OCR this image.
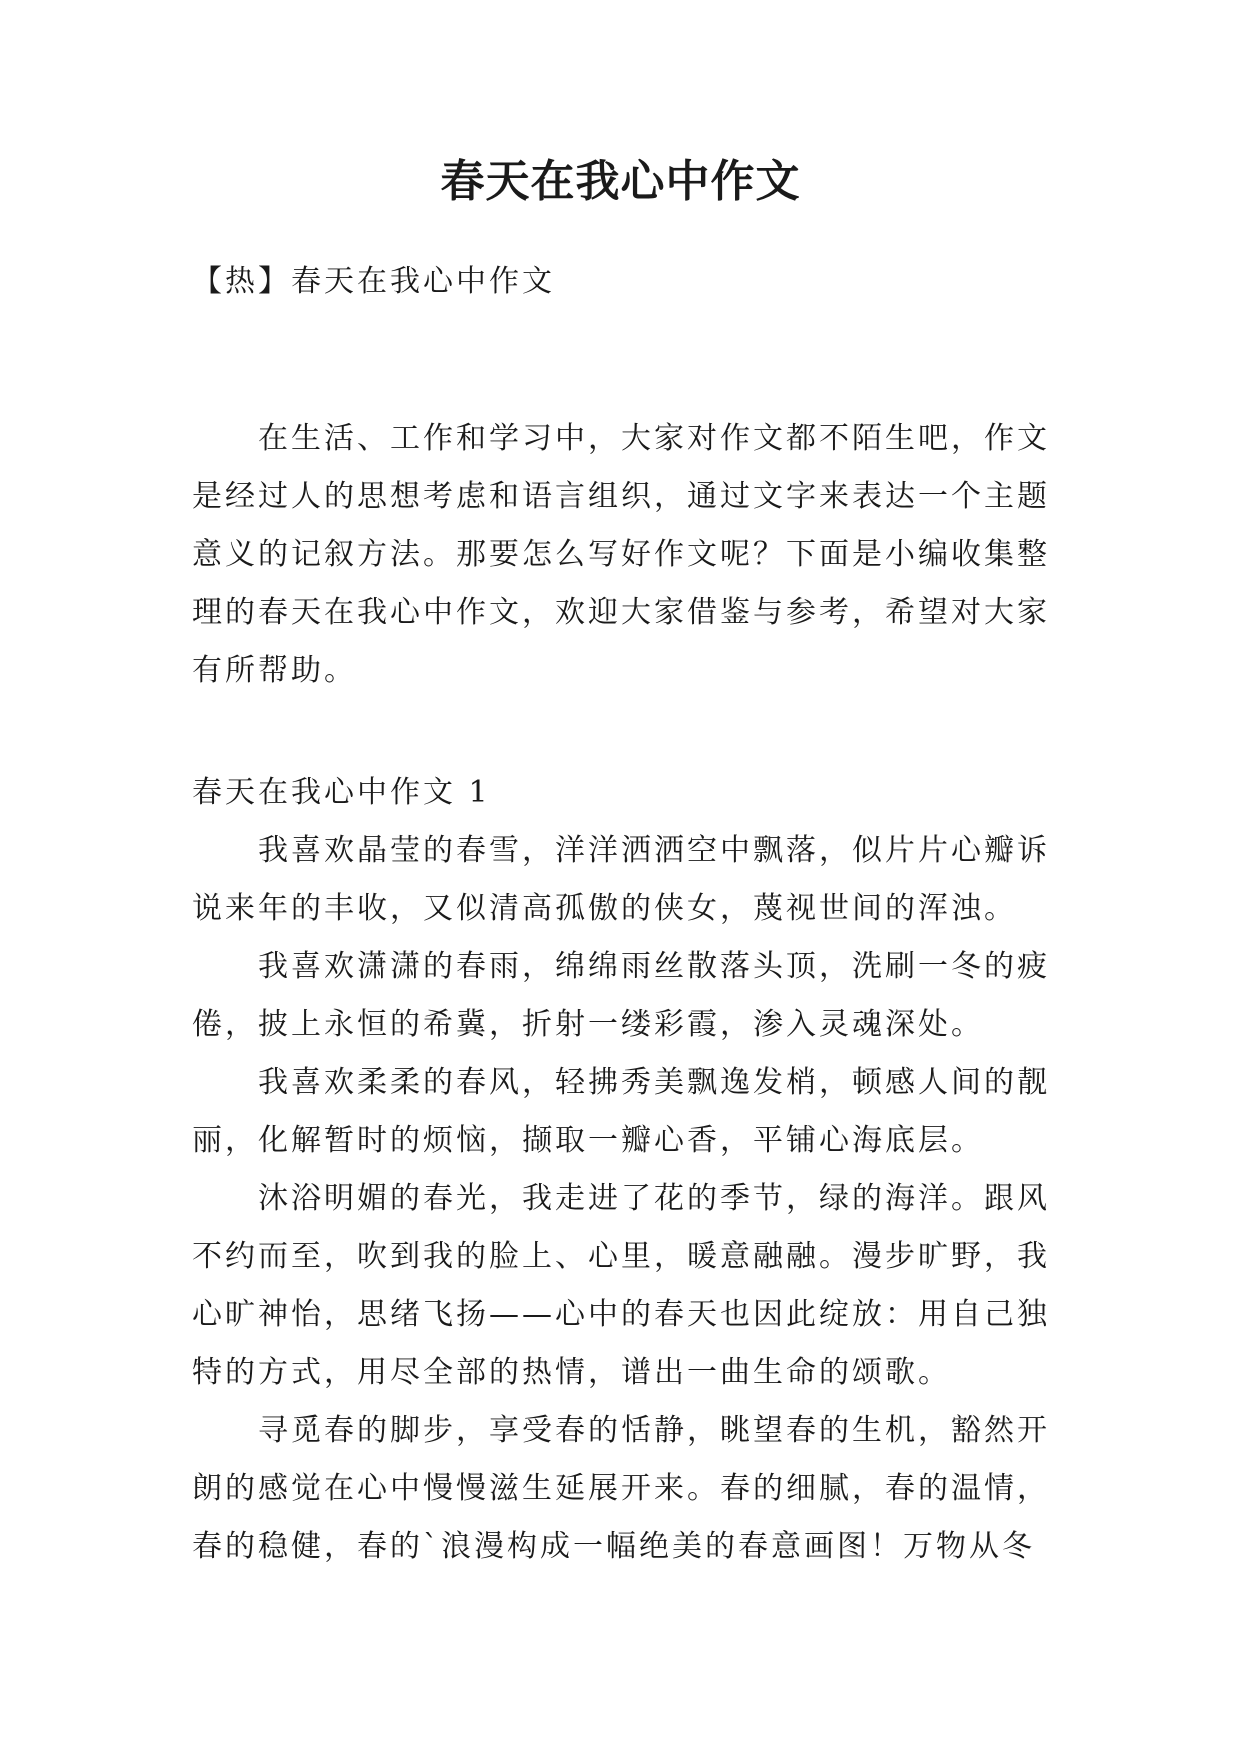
春天在我心中作文

【热】春天在我心中作文

在生活、工作和学习中，大家对作文都不陌生吧，作文
是经过人的思想考虑和语言组织，通过文字来表达一个主题
意义的记叙方法。那要怎么写好作文呢？下面是小编收集整
理的春天在我心中作文，欢迎大家借鉴与参考，希望对大家
有所帮助。
春天在我心中作文 1
我喜欢晶莹的春雪，洋洋洒洒空中飘落，似片片心瓣诉
说来年的丰收，又似清高孤傲的侠女，蔑视世间的浑浊。
我喜欢潇潇的春雨，绵绵雨丝散落头顶，洗刷一冬的疲
倦，披上永恒的希冀，折射一缕彩霞，渗入灵魂深处。
我喜欢柔柔的春风，轻拂秀美飘逸发梢，顿感人间的靓
丽，化解暂时的烦恼，撷取一瓣心香，平铺心海底层。
沐浴明媚的春光，我走进了花的季节，绿的海洋。跟风
不约而至，吹到我的脸上、心里，暖意融融。漫步旷野，我
心旷神怡，思绪飞扬——心中的春天也因此绽放：用自己独
特的方式，用尽全部的热情，谱出一曲生命的颂歌。
寻觅春的脚步，享受春的恬静，眺望春的生机，豁然开
朗的感觉在心中慢慢滋生延展开来。春的细腻，春的温情，
春的稳健，春的`浪漫构成一幅绝美的春意画图！万物从冬
